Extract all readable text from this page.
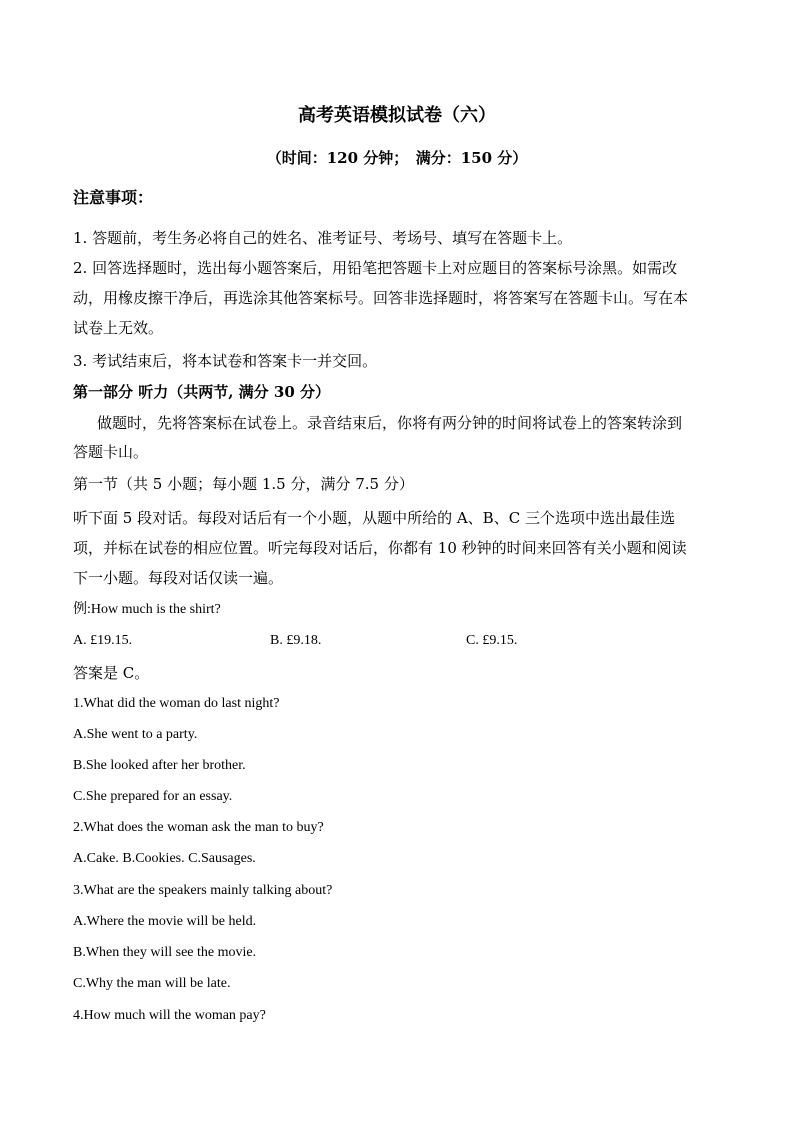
高考英语模拟试卷（六）
（时间：120 分钟；　满分：150 分）
注意事项：
1. 答题前，考生务必将自己的姓名、准考证号、考场号、填写在答题卡上。
2. 回答选择题时，选出每小题答案后，用铅笔把答题卡上对应题目的答案标号涂黑。如需改
动，用橡皮擦干净后，再选涂其他答案标号。回答非选择题时，将答案写在答题卡山。写在本
试卷上无效。
3. 考试结束后，将本试卷和答案卡一并交回。
第一部分 听力（共两节, 满分 30 分）
做题时，先将答案标在试卷上。录音结束后，你将有两分钟的时间将试卷上的答案转涂到
答题卡山。
第一节（共 5 小题；每小题 1.5 分，满分 7.5 分）
听下面 5 段对话。每段对话后有一个小题，从题中所给的 A、B、C 三个选项中选出最佳选
项，并标在试卷的相应位置。听完每段对话后，你都有 10 秒钟的时间来回答有关小题和阅读
下一小题。每段对话仅读一遍。
例:How much is the shirt?
A. £19.15.	B. £9.18.	C. £9.15.
答案是 C。
1.What did the woman do last night?
A.She went to a party.
B.She looked after her brother.
C.She prepared for an essay.
2.What does the woman ask the man to buy?
A.Cake. B.Cookies. C.Sausages.
3.What are the speakers mainly talking about?
A.Where the movie will be held.
B.When they will see the movie.
C.Why the man will be late.
4.How much will the woman pay?
